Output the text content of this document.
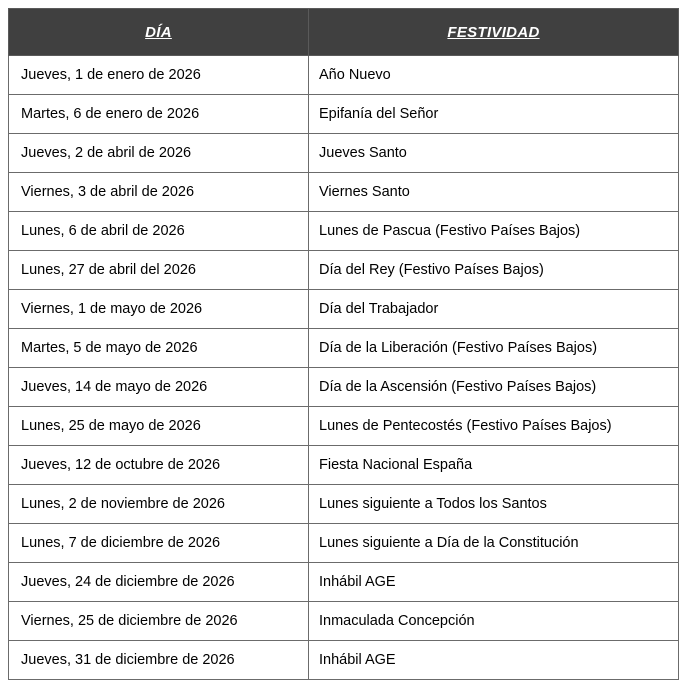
DÍA	FESTIVIDAD
Jueves, 1 de enero de 2026	Año Nuevo
Martes, 6 de enero de 2026	Epifanía del Señor
Jueves, 2 de abril de 2026	Jueves Santo
Viernes, 3 de abril de 2026	Viernes Santo
Lunes, 6 de abril de 2026	Lunes de Pascua (Festivo Países Bajos)
Lunes, 27 de abril del 2026	Día del Rey (Festivo Países Bajos)
Viernes, 1 de mayo de 2026	Día del Trabajador
Martes, 5 de mayo de 2026	Día de la Liberación (Festivo Países Bajos)
Jueves, 14 de mayo de 2026	Día de la Ascensión (Festivo Países Bajos)
Lunes, 25 de mayo de 2026	Lunes de Pentecostés (Festivo Países Bajos)
Jueves, 12 de octubre de 2026	Fiesta Nacional España
Lunes, 2 de noviembre de 2026	Lunes siguiente a Todos los Santos
Lunes, 7 de diciembre de 2026	Lunes siguiente a Día de la Constitución
Jueves, 24 de diciembre de 2026	Inhábil AGE
Viernes, 25 de diciembre de 2026	Inmaculada Concepción
Jueves, 31 de diciembre de 2026	Inhábil AGE
